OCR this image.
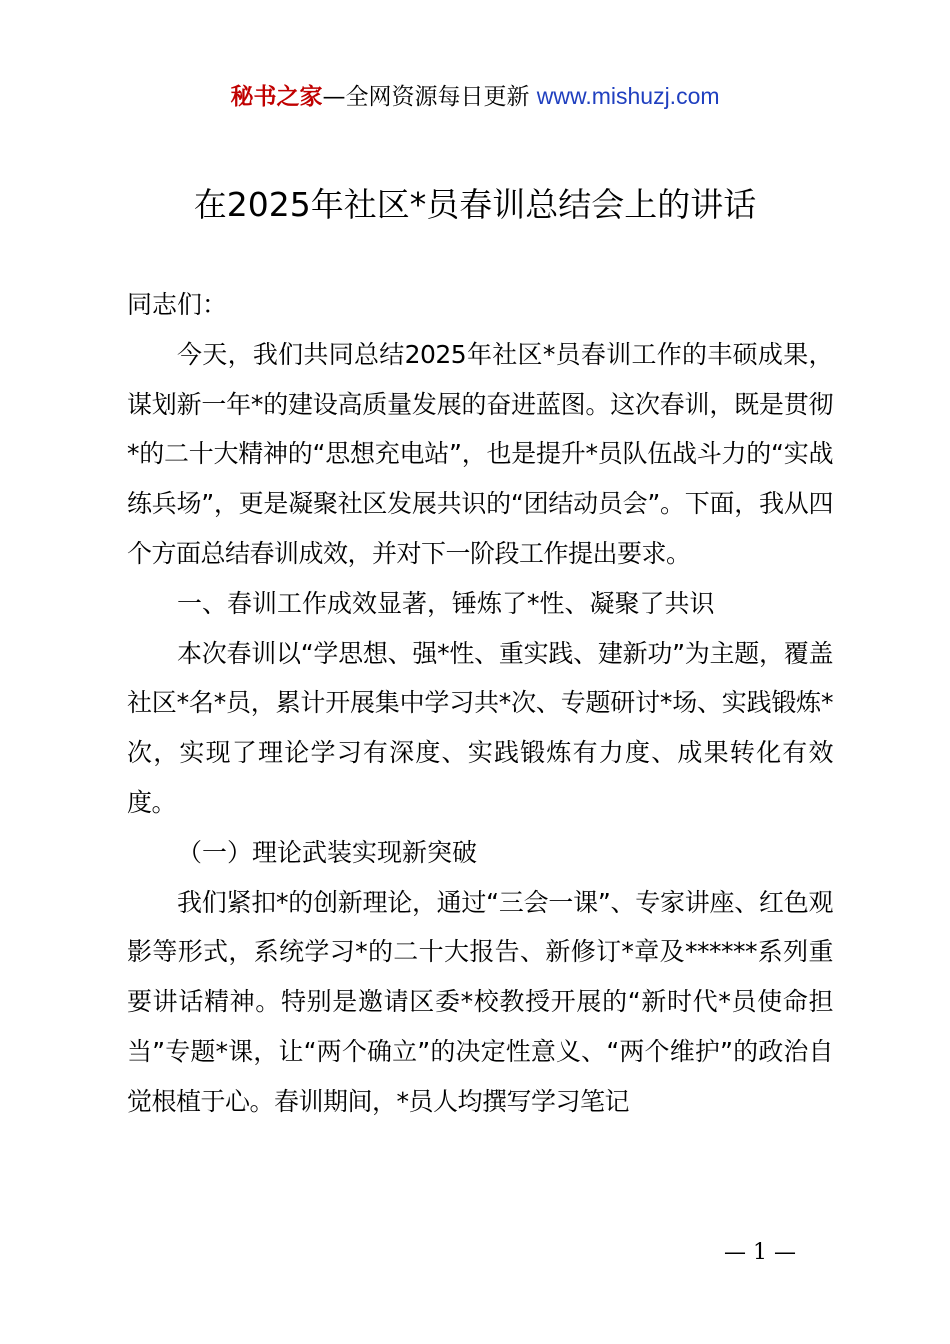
秘书之家—全网资源每日更新 www.mishuzj.com
在2025年社区*员春训总结会上的讲话

同志们：

今天，我们共同总结2025年社区*员春训工作的丰硕成果，谋划新一年*的建设高质量发展的奋进蓝图。这次春训，既是贯彻*的二十大精神的“思想充电站”，也是提升*员队伍战斗力的“实战练兵场”，更是凝聚社区发展共识的“团结动员会”。下面，我从四个方面总结春训成效，并对下一阶段工作提出要求。

一、春训工作成效显著，锤炼了*性、凝聚了共识

本次春训以“学思想、强*性、重实践、建新功”为主题，覆盖社区*名*员，累计开展集中学习共*次、专题研讨*场、实践锻炼*次，实现了理论学习有深度、实践锻炼有力度、成果转化有效度。

（一）理论武装实现新突破

我们紧扣*的创新理论，通过“三会一课”、专家讲座、红色观影等形式，系统学习*的二十大报告、新修订*章及******系列重要讲话精神。特别是邀请区委*校教授开展的“新时代*员使命担当”专题*课，让“两个确立”的决定性意义、“两个维护”的政治自觉根植于心。春训期间，*员人均撰写学习笔记

— 1 —
